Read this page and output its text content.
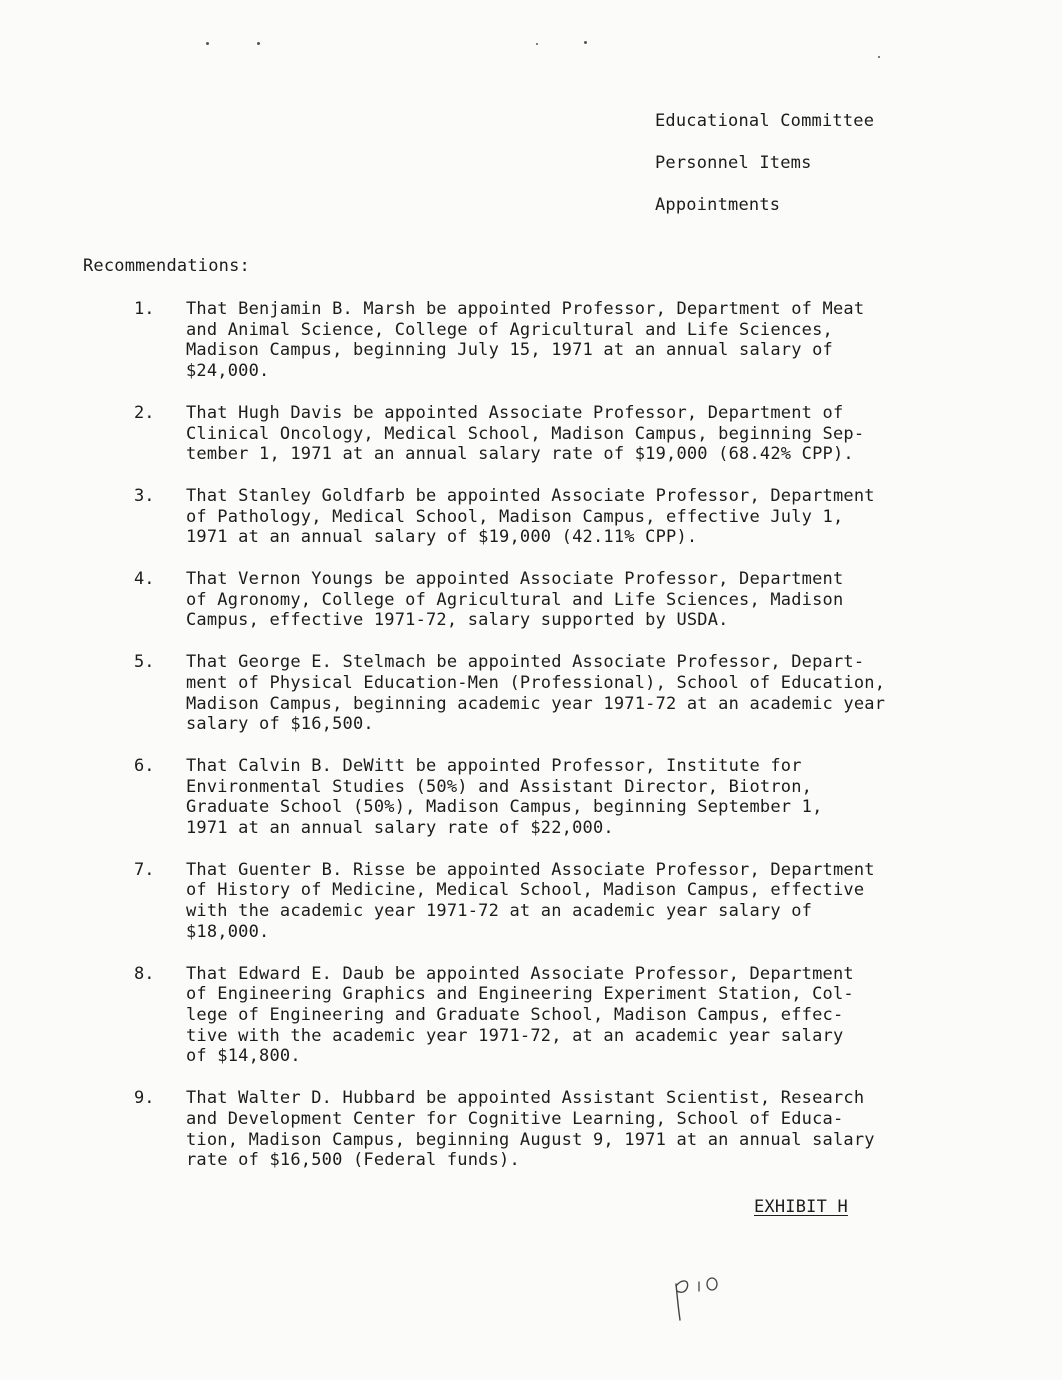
Educational Committee
Personnel Items
Appointments
Recommendations:
1. That Benjamin B. Marsh be appointed Professor, Department of Meat
and Animal Science, College of Agricultural and Life Sciences,
Madison Campus, beginning July 15, 1971 at an annual salary of
$24,000.
2. That Hugh Davis be appointed Associate Professor, Department of
Clinical Oncology, Medical School, Madison Campus, beginning Sep-
tember 1, 1971 at an annual salary rate of $19,000 (68.42% CPP).
3. That Stanley Goldfarb be appointed Associate Professor, Department
of Pathology, Medical School, Madison Campus, effective July 1,
1971 at an annual salary of $19,000 (42.11% CPP).
4. That Vernon Youngs be appointed Associate Professor, Department
of Agronomy, College of Agricultural and Life Sciences, Madison
Campus, effective 1971-72, salary supported by USDA.
5. That George E. Stelmach be appointed Associate Professor, Depart-
ment of Physical Education-Men (Professional), School of Education,
Madison Campus, beginning academic year 1971-72 at an academic year
salary of $16,500.
6. That Calvin B. DeWitt be appointed Professor, Institute for
Environmental Studies (50%) and Assistant Director, Biotron,
Graduate School (50%), Madison Campus, beginning September 1,
1971 at an annual salary rate of $22,000.
7. That Guenter B. Risse be appointed Associate Professor, Department
of History of Medicine, Medical School, Madison Campus, effective
with the academic year 1971-72 at an academic year salary of
$18,000.
8. That Edward E. Daub be appointed Associate Professor, Department
of Engineering Graphics and Engineering Experiment Station, Col-
lege of Engineering and Graduate School, Madison Campus, effec-
tive with the academic year 1971-72, at an academic year salary
of $14,800.
9. That Walter D. Hubbard be appointed Assistant Scientist, Research
and Development Center for Cognitive Learning, School of Educa-
tion, Madison Campus, beginning August 9, 1971 at an annual salary
rate of $16,500 (Federal funds).
EXHIBIT H
